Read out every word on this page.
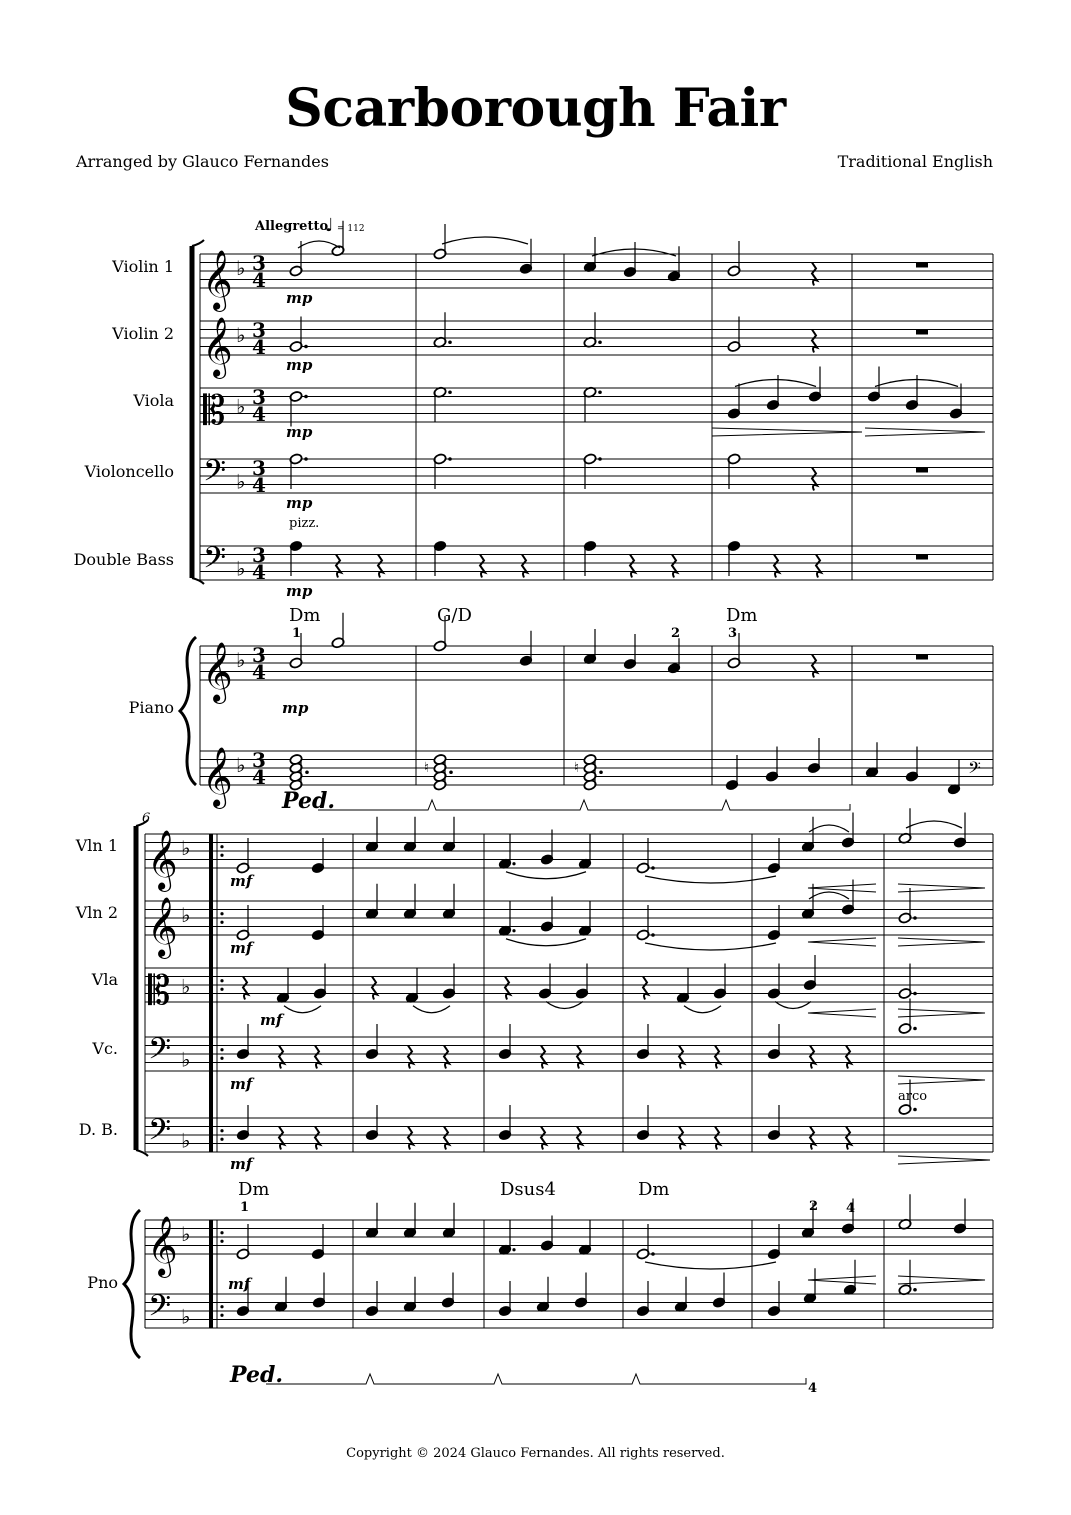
Scarborough Fair
Arranged by Glauco Fernandes	Traditional English
Copyright © 2024 Glauco Fernandes. All rights reserved.
Allegretto
♩ = 112
Violin 1
Violin 2
Viola
Violoncello
Double Bass
Piano
𝄞 ♭ 3
4
𝄞 ♭ 3
4
𝄡 ♭ 3
4
𝄢 ♭
3
4
𝄢 ♭
3
4
𝄞 ♭ 3
4
𝄞 ♭ 3
4	♮	♮	𝄢
mp
mp
mp
mp
mp
mp
pizz.
Dm	G/D	Dm
1	2	3
Ped.
6
Vln 1
Vln 2
Vla
Vc.
D. B.
Pno
𝄞 ♭
𝄞 ♭
𝄡 ♭
𝄢 ♭
𝄢 ♭
𝄞 ♭
𝄢 ♭
mf
mf
mf
mf
mf
mf
arco
Dm	Dsus4	Dm
1	2 4
4
Ped.
